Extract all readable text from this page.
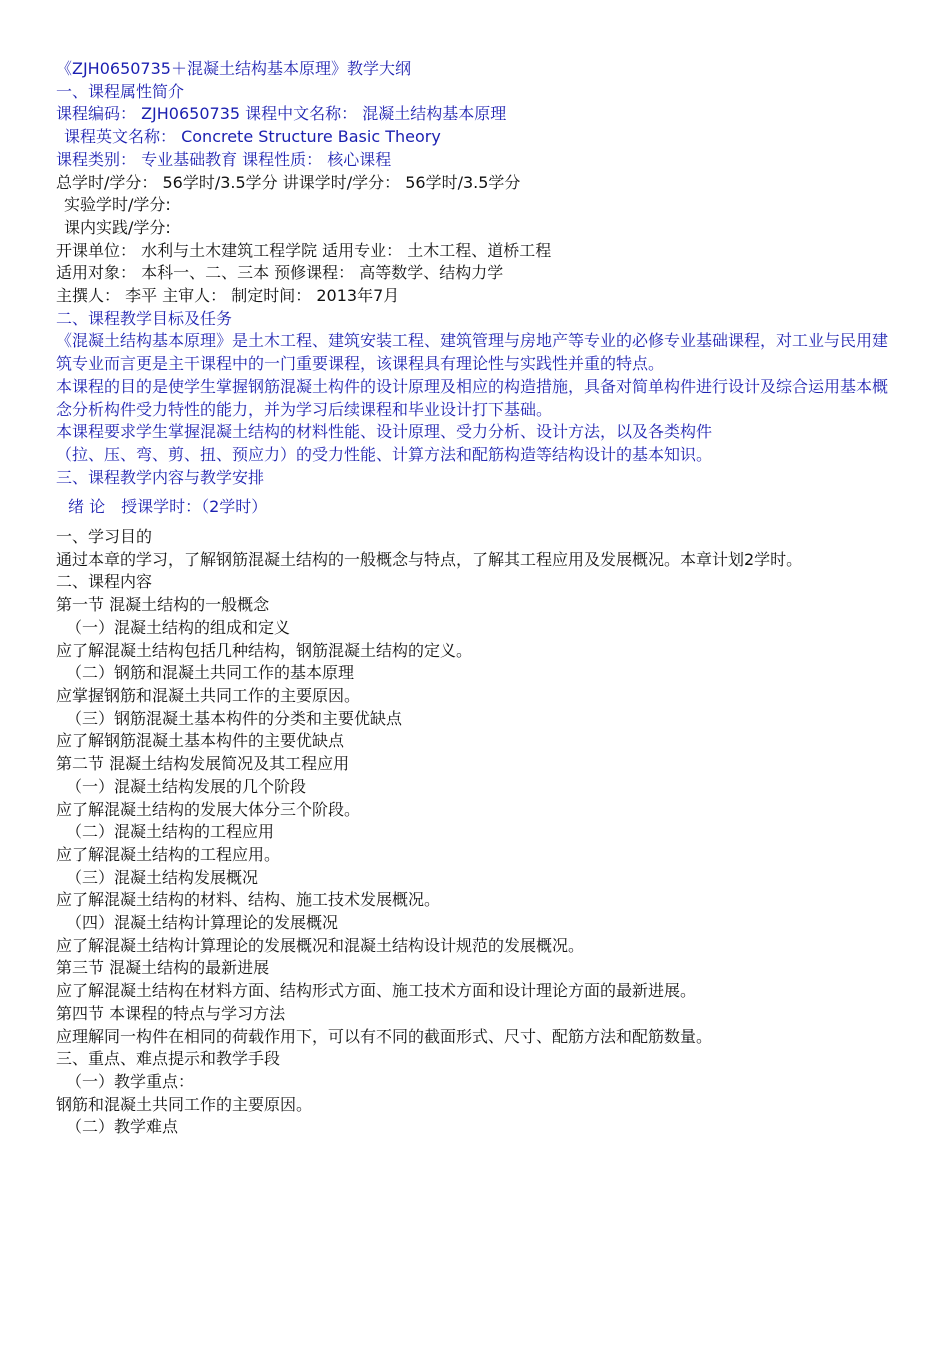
《ZJH0650735＋混凝土结构基本原理》教学大纲
一、课程属性简介
课程编码： ZJH0650735 课程中文名称： 混凝土结构基本原理
课程英文名称： Concrete Structure Basic Theory
课程类别： 专业基础教育 课程性质： 核心课程
总学时/学分： 56学时/3.5学分 讲课学时/学分： 56学时/3.5学分
实验学时/学分:
课内实践/学分:
开课单位： 水利与土木建筑工程学院 适用专业： 土木工程、道桥工程
适用对象： 本科一、二、三本 预修课程： 高等数学、结构力学
主撰人： 李平 主审人： 制定时间： 2013年7月
二、课程教学目标及任务
《混凝土结构基本原理》是土木工程、建筑安装工程、建筑管理与房地产等专业的必修专业基础课程，对工业与民用建筑专业而言更是主干课程中的一门重要课程，该课程具有理论性与实践性并重的特点。
本课程的目的是使学生掌握钢筋混凝土构件的设计原理及相应的构造措施，具备对简单构件进行设计及综合运用基本概念分析构件受力特性的能力，并为学习后续课程和毕业设计打下基础。
本课程要求学生掌握混凝土结构的材料性能、设计原理、受力分析、设计方法，以及各类构件
（拉、压、弯、剪、扭、预应力）的受力性能、计算方法和配筋构造等结构设计的基本知识。
三、课程教学内容与教学安排
绪 论　授课学时：（2学时）
一、学习目的
通过本章的学习，了解钢筋混凝土结构的一般概念与特点，了解其工程应用及发展概况。本章计划2学时。
二、课程内容
第一节 混凝土结构的一般概念
（一）混凝土结构的组成和定义
应了解混凝土结构包括几种结构，钢筋混凝土结构的定义。
（二）钢筋和混凝土共同工作的基本原理
应掌握钢筋和混凝土共同工作的主要原因。
（三）钢筋混凝土基本构件的分类和主要优缺点
应了解钢筋混凝土基本构件的主要优缺点
第二节 混凝土结构发展简况及其工程应用
（一）混凝土结构发展的几个阶段
应了解混凝土结构的发展大体分三个阶段。
（二）混凝土结构的工程应用
应了解混凝土结构的工程应用。
（三）混凝土结构发展概况
应了解混凝土结构的材料、结构、施工技术发展概况。
（四）混凝土结构计算理论的发展概况
应了解混凝土结构计算理论的发展概况和混凝土结构设计规范的发展概况。
第三节 混凝土结构的最新进展
应了解混凝土结构在材料方面、结构形式方面、施工技术方面和设计理论方面的最新进展。
第四节 本课程的特点与学习方法
应理解同一构件在相同的荷载作用下，可以有不同的截面形式、尺寸、配筋方法和配筋数量。
三、重点、难点提示和教学手段
（一）教学重点：
钢筋和混凝土共同工作的主要原因。
（二）教学难点
